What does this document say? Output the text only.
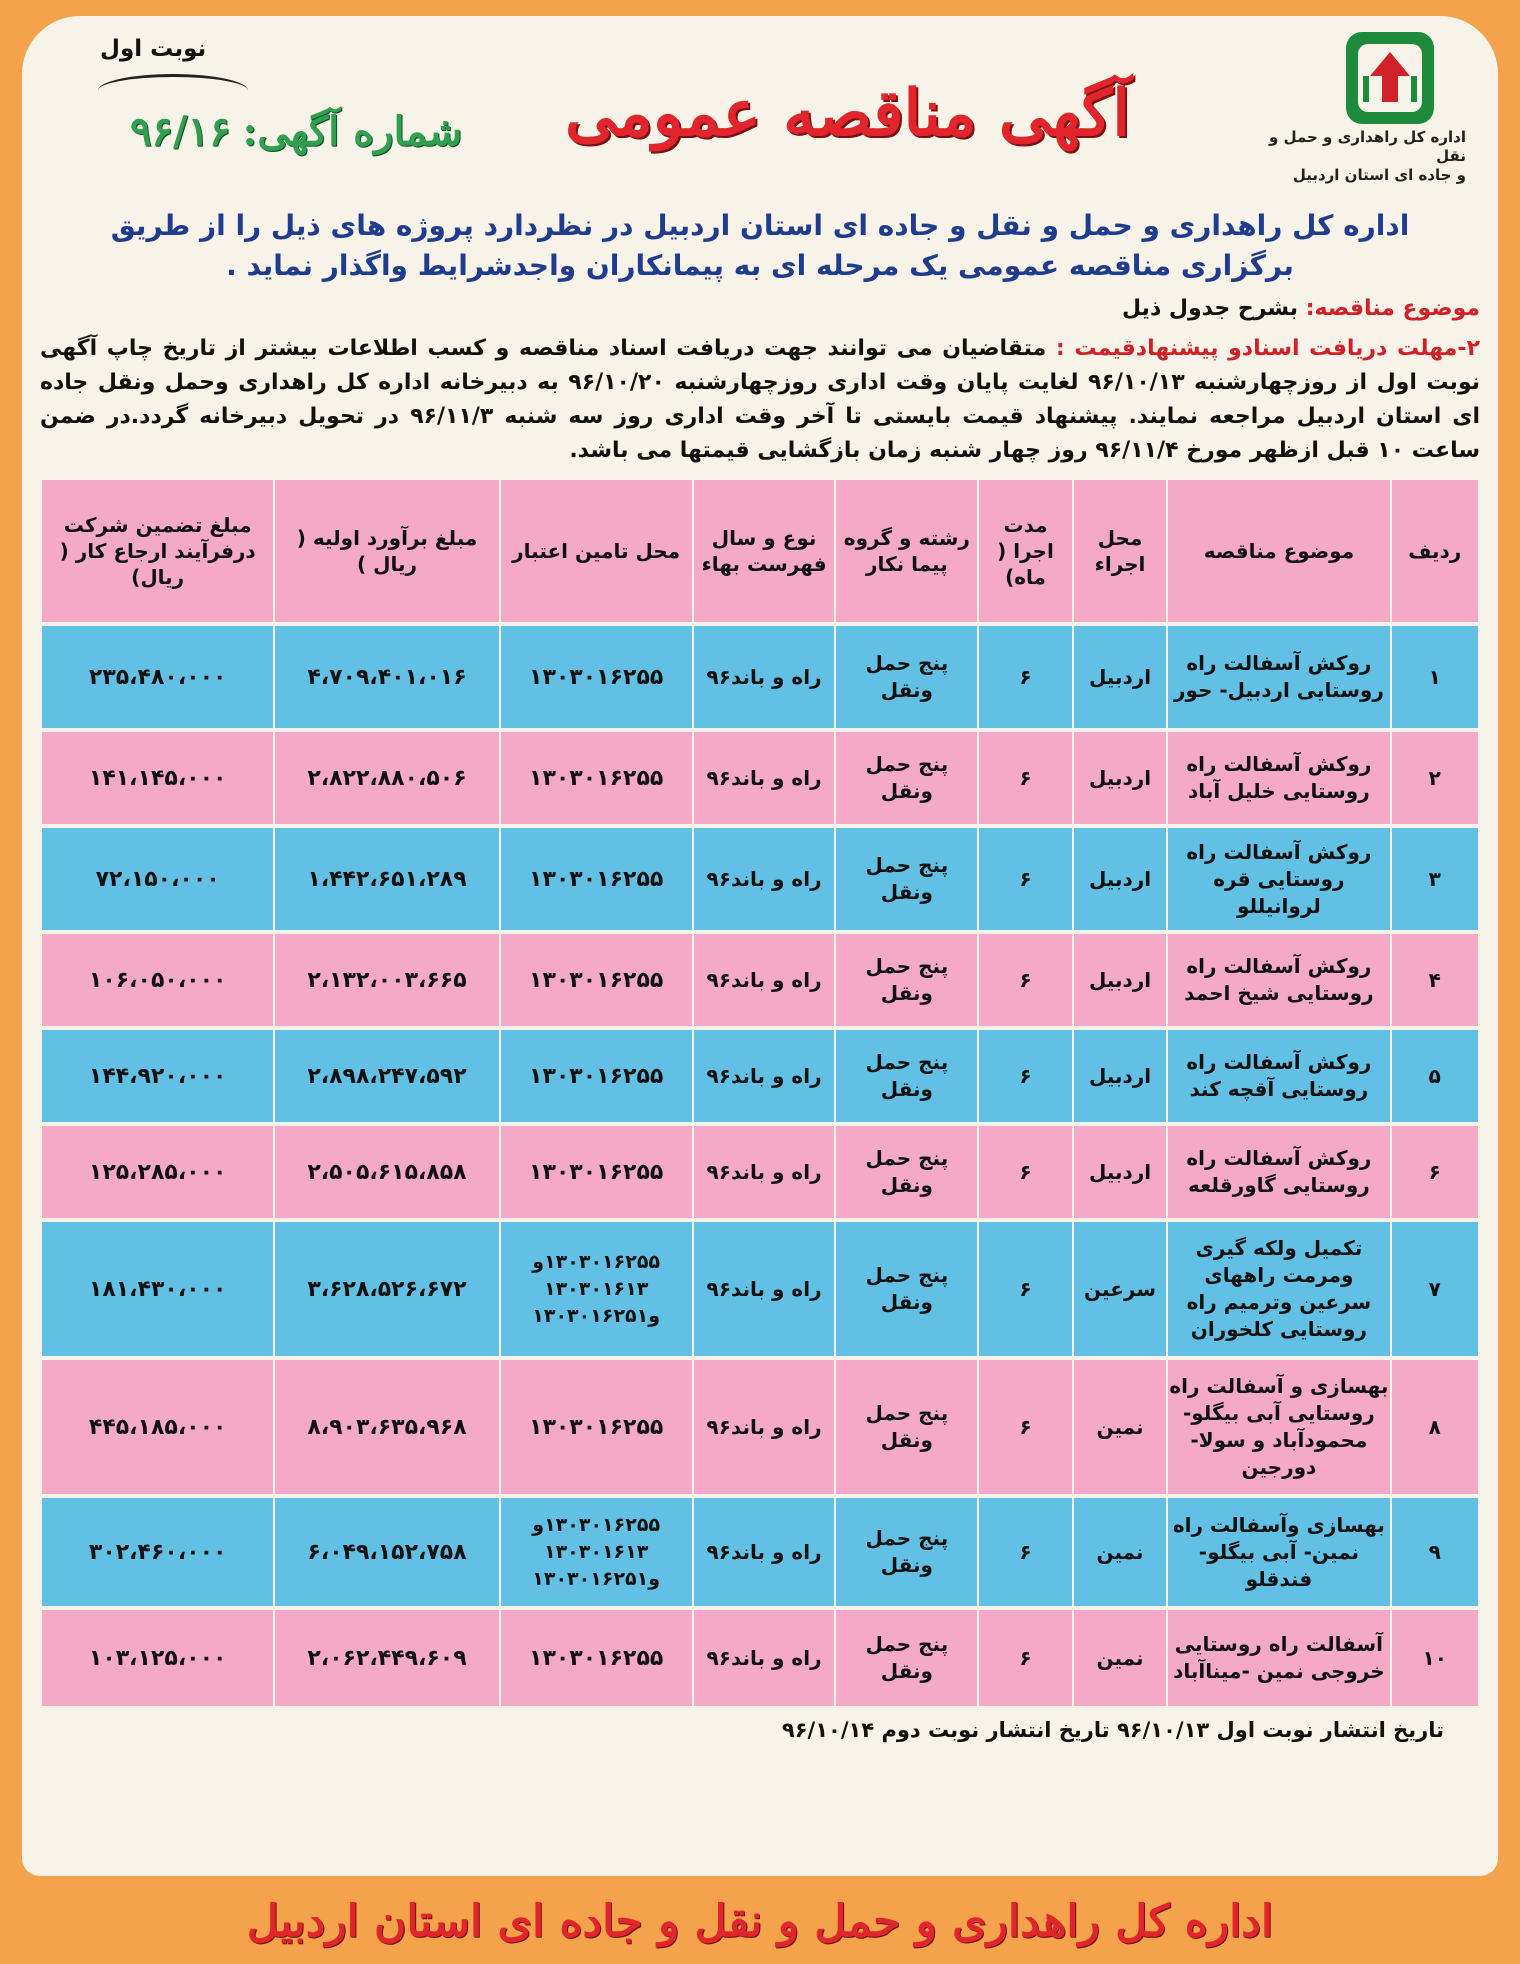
اداره کل راهداری و حمل و نقل
و جاده ای استان اردبیل
آگهی مناقصه عمومی
شماره آگهی:۹۶/۱۶
نوبت اول
اداره کل راهداری و حمل و نقل و جاده ای استان اردبیل در نظردارد پروژه های ذیل را از طریق برگزاری مناقصه عمومی یک مرحله ای به پیمانکاران واجدشرایط واگذار نماید .
موضوع مناقصه: بشرح جدول ذیل
۲-مهلت دریافت اسنادو پیشنهادقیمت : متقاضیان می توانند جهت دریافت اسناد مناقصه و کسب اطلاعات بیشتر از تاریخ چاپ آگهی نوبت اول از روزچهارشنبه ۹۶/۱۰/۱۳ لغایت پایان وقت اداری روزچهارشنبه ۹۶/۱۰/۲۰ به دبیرخانه اداره کل راهداری وحمل ونقل جاده ای استان اردبیل مراجعه نمایند. پیشنهاد قیمت بایستی تا آخر وقت اداری روز سه شنبه ۹۶/۱۱/۳ در تحویل دبیرخانه گردد.در ضمن ساعت ۱۰ قبل ازظهر مورخ ۹۶/۱۱/۴ روز چهار شنبه زمان بازگشایی قیمتها می باشد.
ردیف	موضوع مناقصه	محل اجراء	مدت اجرا ( ماه)	رشته و گروه پیما نکار	نوع و سال فهرست بهاء	محل تامین اعتبار	مبلغ برآورد اولیه ( ریال )	مبلغ تضمین شرکت درفرآیند ارجاع کار ( ریال)
۱	روکش آسفالت راه روستایی اردبیل- حور	اردبیل	۶	پنج حمل ونقل	راه و باند۹۶	۱۳۰۳۰۱۶۲۵۵	۴،۷۰۹،۴۰۱،۰۱۶	۲۳۵،۴۸۰،۰۰۰
۲	روکش آسفالت راه روستایی خلیل آباد	اردبیل	۶	پنج حمل ونقل	راه و باند۹۶	۱۳۰۳۰۱۶۲۵۵	۲،۸۲۲،۸۸۰،۵۰۶	۱۴۱،۱۴۵،۰۰۰
۳	روکش آسفالت راه روستایی قره لروانیللو	اردبیل	۶	پنج حمل ونقل	راه و باند۹۶	۱۳۰۳۰۱۶۲۵۵	۱،۴۴۲،۶۵۱،۲۸۹	۷۲،۱۵۰،۰۰۰
۴	روکش آسفالت راه روستایی شیخ احمد	اردبیل	۶	پنج حمل ونقل	راه و باند۹۶	۱۳۰۳۰۱۶۲۵۵	۲،۱۳۲،۰۰۳،۶۶۵	۱۰۶،۰۵۰،۰۰۰
۵	روکش آسفالت راه روستایی آقچه کند	اردبیل	۶	پنج حمل ونقل	راه و باند۹۶	۱۳۰۳۰۱۶۲۵۵	۲،۸۹۸،۲۴۷،۵۹۲	۱۴۴،۹۲۰،۰۰۰
۶	روکش آسفالت راه روستایی گاورقلعه	اردبیل	۶	پنج حمل ونقل	راه و باند۹۶	۱۳۰۳۰۱۶۲۵۵	۲،۵۰۵،۶۱۵،۸۵۸	۱۲۵،۲۸۵،۰۰۰
۷	تکمیل ولکه گیری ومرمت راههای سرعین وترمیم راه روستایی کلخوران	سرعین	۶	پنج حمل ونقل	راه و باند۹۶	۱۳۰۳۰۱۶۲۵۵و ۱۳۰۳۰۱۶۱۳ و۱۳۰۳۰۱۶۲۵۱	۳،۶۲۸،۵۲۶،۶۷۲	۱۸۱،۴۳۰،۰۰۰
۸	بهسازی و آسفالت راه روستایی آبی بیگلو- محمودآباد و سولا- دورجین	نمین	۶	پنج حمل ونقل	راه و باند۹۶	۱۳۰۳۰۱۶۲۵۵	۸،۹۰۳،۶۳۵،۹۶۸	۴۴۵،۱۸۵،۰۰۰
۹	بهسازی وآسفالت راه نمین- آبی بیگلو-فندقلو	نمین	۶	پنج حمل ونقل	راه و باند۹۶	۱۳۰۳۰۱۶۲۵۵و ۱۳۰۳۰۱۶۱۳ و۱۳۰۳۰۱۶۲۵۱	۶،۰۴۹،۱۵۲،۷۵۸	۳۰۲،۴۶۰،۰۰۰
۱۰	آسفالت راه روستایی خروجی نمین -میناآباد	نمین	۶	پنج حمل ونقل	راه و باند۹۶	۱۳۰۳۰۱۶۲۵۵	۲،۰۶۲،۴۴۹،۶۰۹	۱۰۳،۱۲۵،۰۰۰
تاریخ انتشار نوبت اول ۹۶/۱۰/۱۳ تاریخ انتشار نوبت دوم ۹۶/۱۰/۱۴
اداره کل راهداری و حمل و نقل و جاده ای استان اردبیل
